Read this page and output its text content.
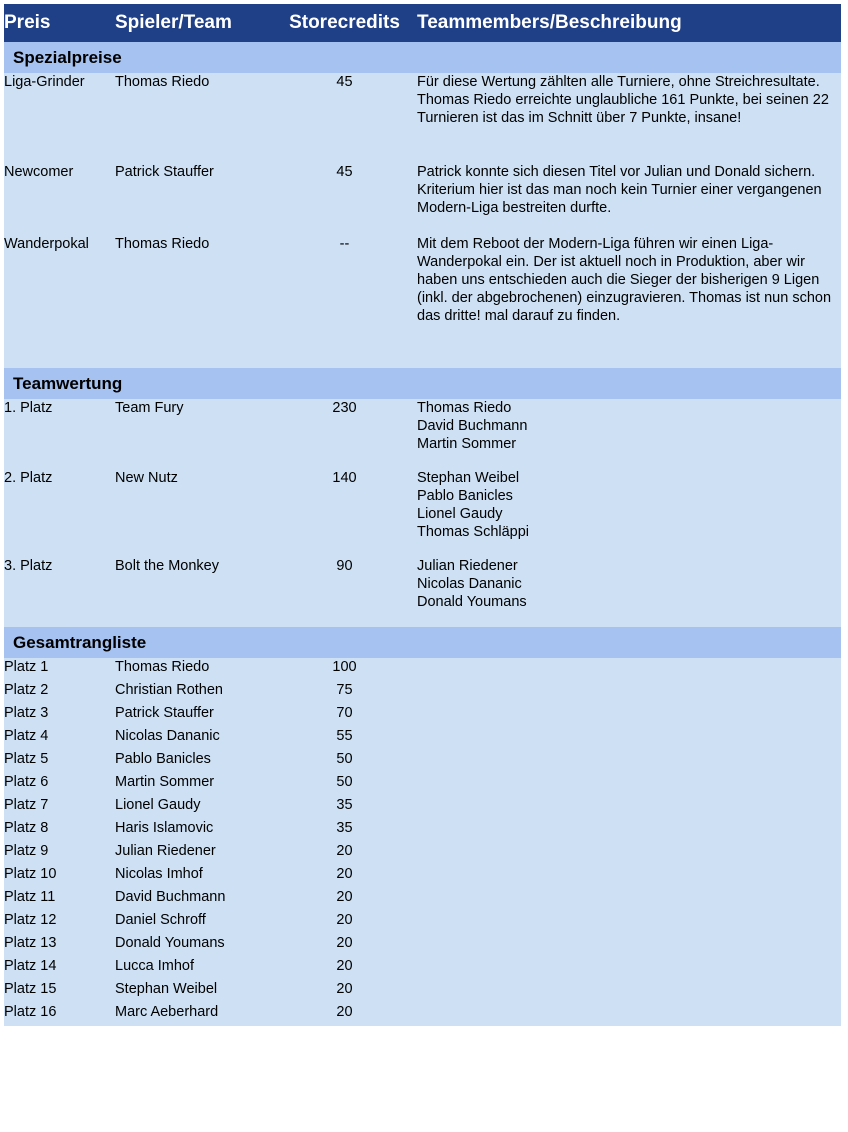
Preis	Spieler/Team	Storecredits	Teammembers/Beschreibung
Spezialpreise			
Liga-Grinder	Thomas Riedo	45	Für diese Wertung zählten alle Turniere, ohne Streichresultate. Thomas Riedo erreichte unglaubliche 161 Punkte, bei seinen 22 Turnieren ist das im Schnitt über 7 Punkte, insane!
Newcomer	Patrick Stauffer	45	Patrick konnte sich diesen Titel vor Julian und Donald sichern. Kriterium hier ist das man noch kein Turnier einer vergangenen Modern-Liga bestreiten durfte.
Wanderpokal	Thomas Riedo	--	Mit dem Reboot der Modern-Liga führen wir einen Liga-Wanderpokal ein. Der ist aktuell noch in Produktion, aber wir haben uns entschieden auch die Sieger der bisherigen 9 Ligen (inkl. der abgebrochenen) einzugravieren. Thomas ist nun schon das dritte! mal darauf zu finden.
Teamwertung			
1. Platz	Team Fury	230	Thomas Riedo
David Buchmann
Martin Sommer

2. Platz	New Nutz	140	Stephan Weibel
Pablo Banicles
Lionel Gaudy
Thomas Schläppi

3. Platz	Bolt the Monkey	90	Julian Riedener
Nicolas Dananic
Donald Youmans

Gesamtrangliste			
Platz 1	Thomas Riedo	100	
Platz 2	Christian Rothen	75	
Platz 3	Patrick Stauffer	70	
Platz 4	Nicolas Dananic	55	
Platz 5	Pablo Banicles	50	
Platz 6	Martin Sommer	50	
Platz 7	Lionel Gaudy	35	
Platz 8	Haris Islamovic	35	
Platz 9	Julian Riedener	20	
Platz 10	Nicolas Imhof	20	
Platz 11	David Buchmann	20	
Platz 12	Daniel Schroff	20	
Platz 13	Donald Youmans	20	
Platz 14	Lucca Imhof	20	
Platz 15	Stephan Weibel	20	
Platz 16	Marc Aeberhard	20	
